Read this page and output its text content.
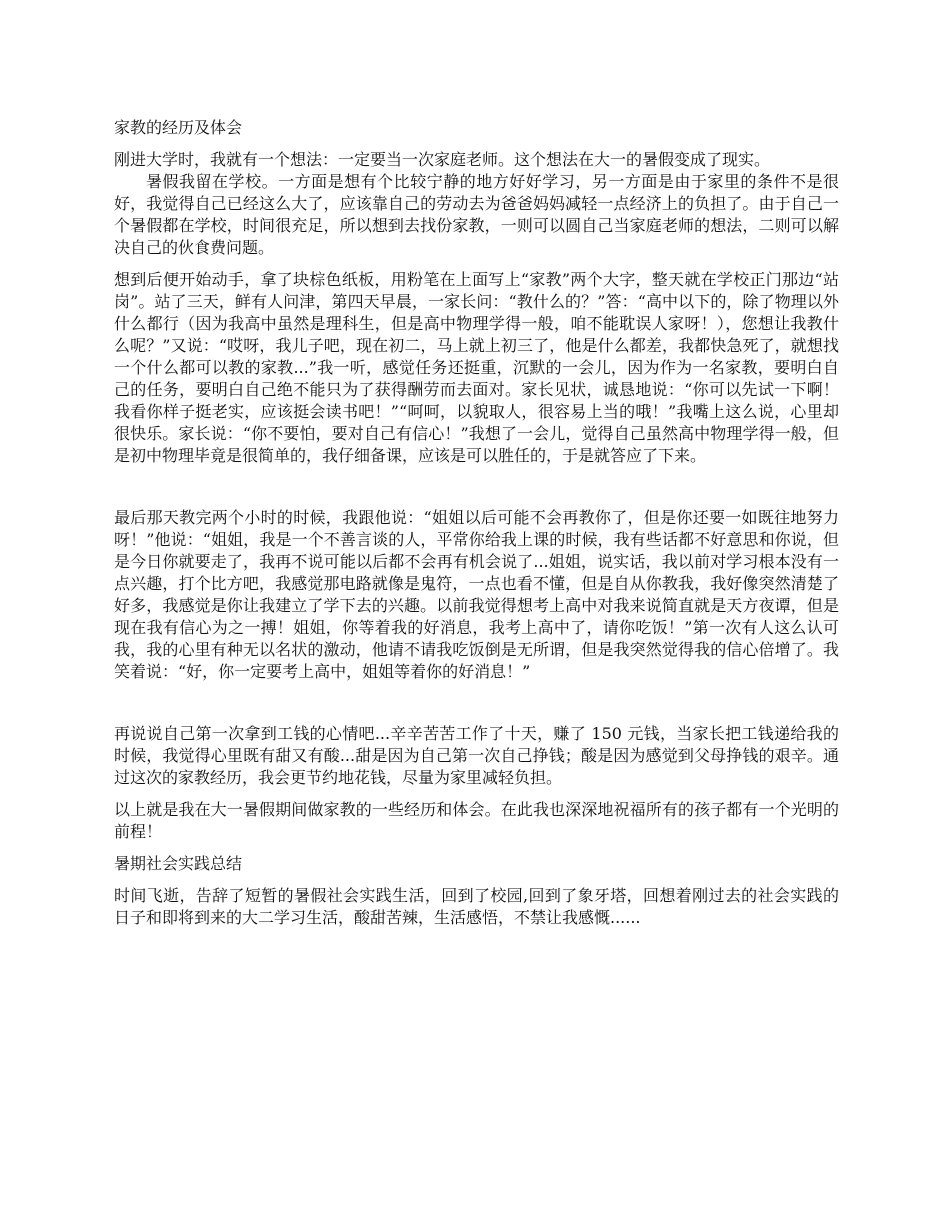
家教的经历及体会

刚进大学时，我就有一个想法：一定要当一次家庭老师。这个想法在大一的暑假变成了现实。

暑假我留在学校。一方面是想有个比较宁静的地方好好学习，另一方面是由于家里的条件不是很好，我觉得自己已经这么大了，应该靠自己的劳动去为爸爸妈妈减轻一点经济上的负担了。由于自己一个暑假都在学校，时间很充足，所以想到去找份家教，一则可以圆自己当家庭老师的想法，二则可以解决自己的伙食费问题。

想到后便开始动手，拿了块棕色纸板，用粉笔在上面写上“家教”两个大字，整天就在学校正门那边“站岗”。站了三天，鲜有人问津，第四天早晨，一家长问：“教什么的？”答：“高中以下的，除了物理以外什么都行（因为我高中虽然是理科生，但是高中物理学得一般，咱不能耽误人家呀！），您想让我教什么呢？”又说：“哎呀，我儿子吧，现在初二，马上就上初三了，他是什么都差，我都快急死了，就想找一个什么都可以教的家教...”我一听，感觉任务还挺重，沉默的一会儿，因为作为一名家教，要明白自己的任务，要明白自己绝不能只为了获得酬劳而去面对。家长见状，诚恳地说：“你可以先试一下啊！我看你样子挺老实，应该挺会读书吧！”“呵呵，以貌取人，很容易上当的哦！”我嘴上这么说，心里却很快乐。家长说：“你不要怕，要对自己有信心！”我想了一会儿，觉得自己虽然高中物理学得一般，但是初中物理毕竟是很简单的，我仔细备课，应该是可以胜任的，于是就答应了下来。

最后那天教完两个小时的时候，我跟他说：“姐姐以后可能不会再教你了，但是你还要一如既往地努力呀！”他说：“姐姐，我是一个不善言谈的人，平常你给我上课的时候，我有些话都不好意思和你说，但是今日你就要走了，我再不说可能以后都不会再有机会说了...姐姐，说实话，我以前对学习根本没有一点兴趣，打个比方吧，我感觉那电路就像是鬼符，一点也看不懂，但是自从你教我，我好像突然清楚了好多，我感觉是你让我建立了学下去的兴趣。以前我觉得想考上高中对我来说简直就是天方夜谭，但是现在我有信心为之一搏！姐姐，你等着我的好消息，我考上高中了，请你吃饭！”第一次有人这么认可我，我的心里有种无以名状的激动，他请不请我吃饭倒是无所谓，但是我突然觉得我的信心倍增了。我笑着说：“好，你一定要考上高中，姐姐等着你的好消息！”

再说说自己第一次拿到工钱的心情吧...辛辛苦苦工作了十天，赚了 150 元钱，当家长把工钱递给我的时候，我觉得心里既有甜又有酸...甜是因为自己第一次自己挣钱；酸是因为感觉到父母挣钱的艰辛。通过这次的家教经历，我会更节约地花钱，尽量为家里减轻负担。

以上就是我在大一暑假期间做家教的一些经历和体会。在此我也深深地祝福所有的孩子都有一个光明的前程！

暑期社会实践总结

时间飞逝，告辞了短暂的暑假社会实践生活，回到了校园,回到了象牙塔，回想着刚过去的社会实践的日子和即将到来的大二学习生活，酸甜苦辣，生活感悟，不禁让我感慨......
